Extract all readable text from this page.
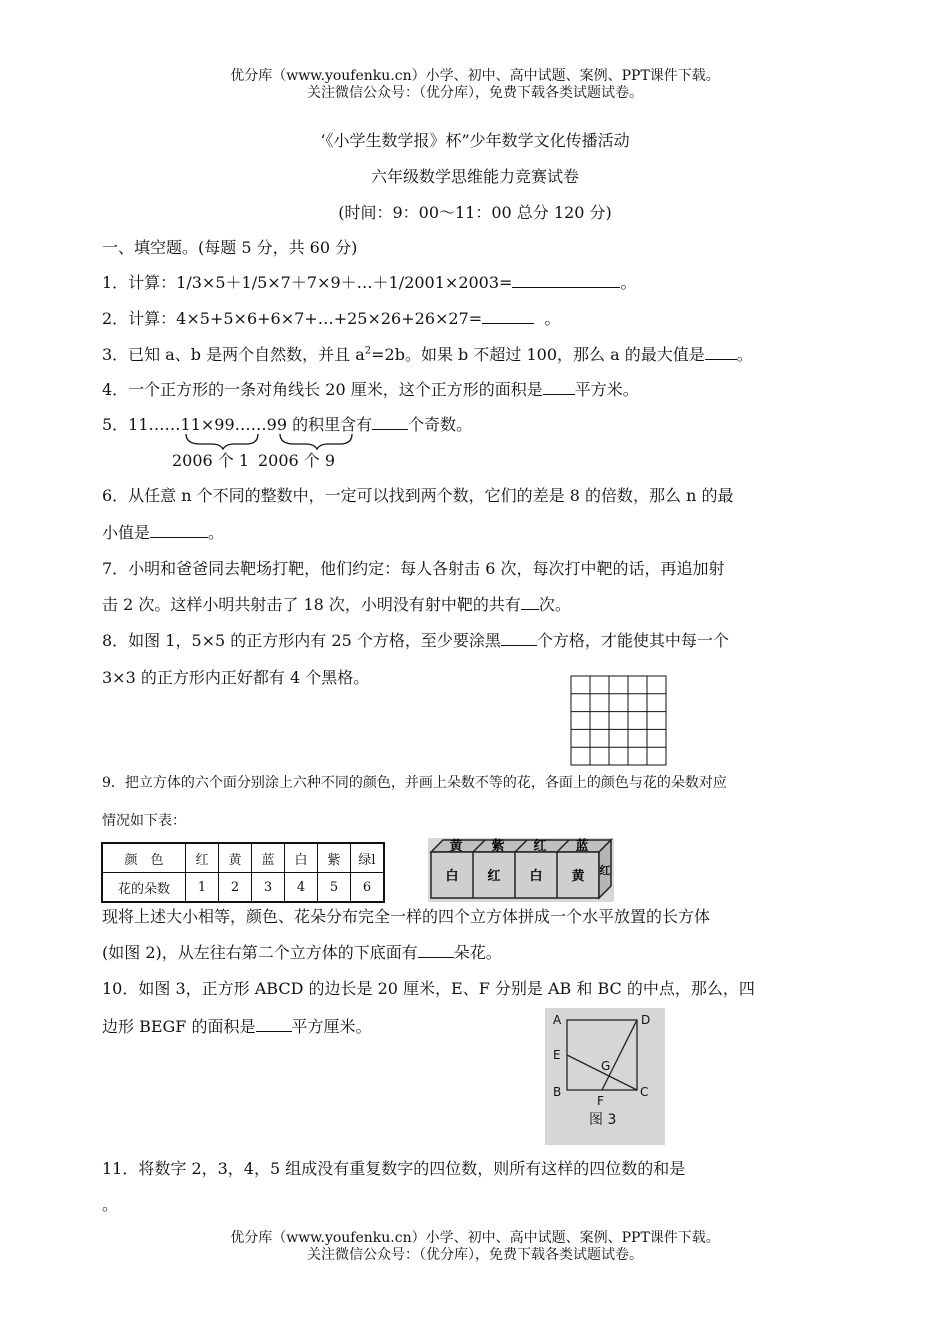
优分库（www.youfenku.cn）小学、初中、高中试题、案例、PPT课件下载。
关注微信公众号：（优分库），免费下载各类试题试卷。
‘《小学生数学报》杯”少年数学文化传播活动
六年级数学思维能力竞赛试卷
(时间：9：00～11：00 总分 120 分)
一、填空题。(每题 5 分，共 60 分)
1．计算：1/3×5＋1/5×7＋7×9＋…＋1/2001×2003=	。
2．计算：4×5+5×6+6×7+…+25×26+26×27=	。
3．已知 a、b 是两个自然数，并且 $a^2=2b$。如果 b 不超过 100，那么 a 的最大值是 。
4．一个正方形的一条对角线长 20 厘米，这个正方形的面积是 平方米。
5．11……11×99……99 的积里含有 个奇数。
2006 个 1 2006 个 9
6．从任意 n 个不同的整数中，一定可以找到两个数，它们的差是 8 的倍数，那么 n 的最
小值是	。
7．小明和爸爸同去靶场打靶，他们约定：每人各射击 6 次，每次打中靶的话，再追加射
击 2 次。这样小明共射击了 18 次，小明没有射中靶的共有 次。
8．如图 1，5×5 的正方形内有 25 个方格，至少要涂黑 个方格，才能使其中每一个
3×3 的正方形内正好都有 4 个黑格。
9．把立方体的六个面分别涂上六种不同的颜色，并画上朵数不等的花，各面上的颜色与花的朵数对应
情况如下表：
颜　色	红	黄	蓝	白	紫	绿l
花的朵数	1	2	3	4	5	6
黄 紫 红 蓝
白 红 白 黄 红
现将上述大小相等，颜色、花朵分布完全一样的四个立方体拼成一个水平放置的长方体
(如图 2)，从左往右第二个立方体的下底面有 朵花。
10．如图 3，正方形 ABCD 的边长是 20 厘米，E、F 分别是 AB 和 BC 的中点，那么，四
边形 BEGF 的面积是 平方厘米。	A	D
E
G
B
F
C
图 3
11．将数字 2，3，4，5 组成没有重复数字的四位数，则所有这样的四位数的和是
。
优分库（www.youfenku.cn）小学、初中、高中试题、案例、PPT课件下载。
关注微信公众号：（优分库），免费下载各类试题试卷。
